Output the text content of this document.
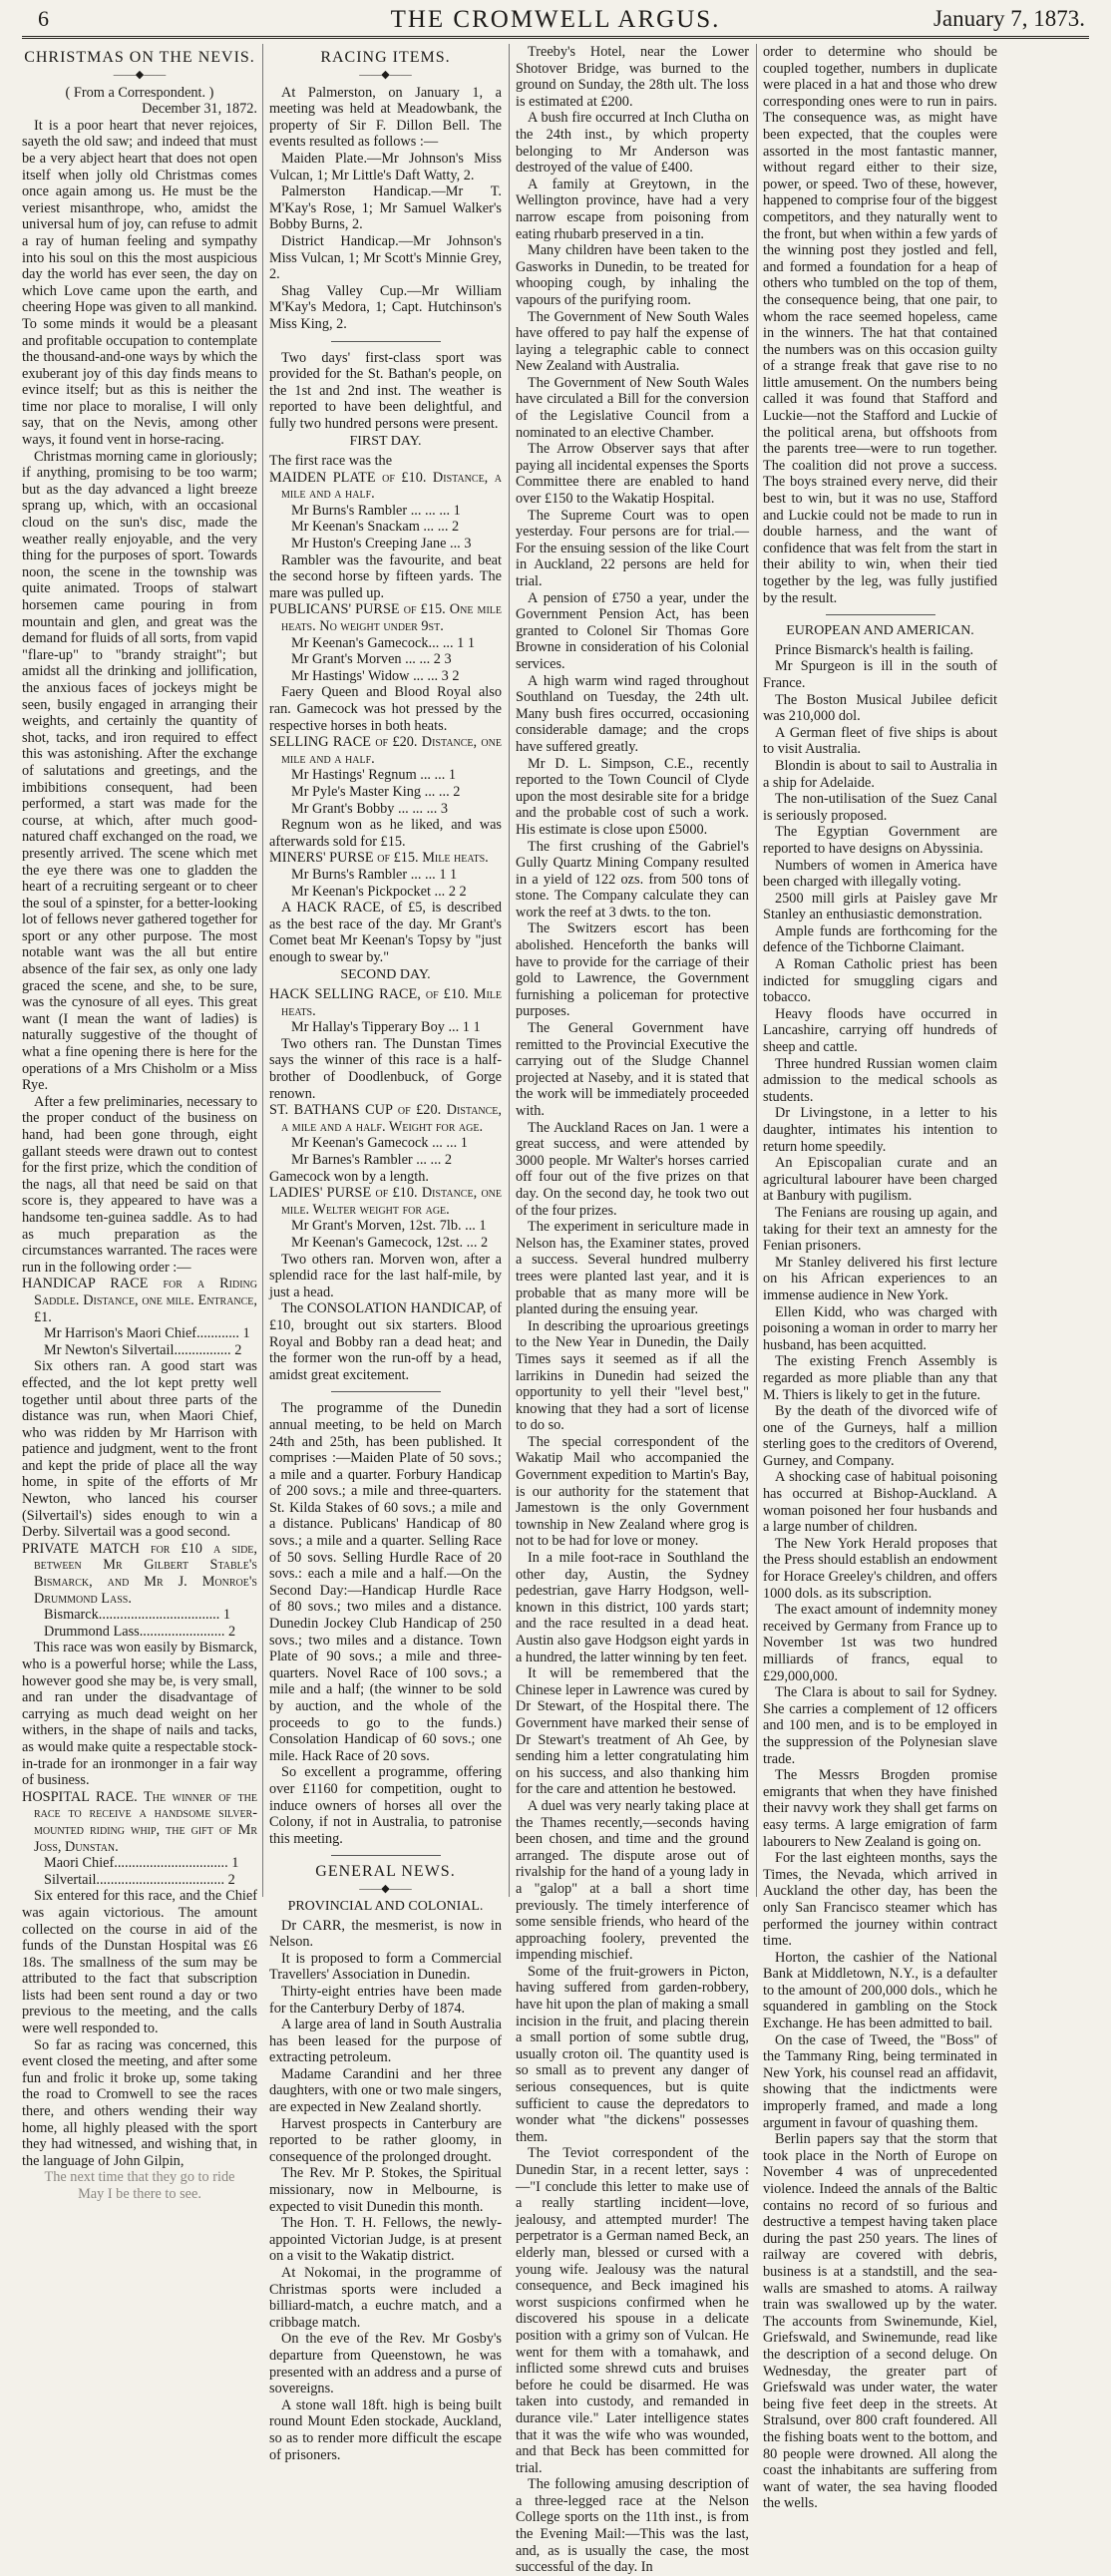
6	THE CROMWELL ARGUS.	January 7, 1873.
CHRISTMAS ON THE NEVIS.
——◆——

( From a Correspondent. )

December 31, 1872.

It is a poor heart that never rejoices, sayeth the old saw; and indeed that must be a very abject heart that does not open itself when jolly old Christmas comes once again among us. He must be the veriest misanthrope, who, amidst the universal hum of joy, can refuse to admit a ray of human feeling and sympathy into his soul on this the most auspicious day the world has ever seen, the day on which Love came upon the earth, and cheering Hope was given to all mankind. To some minds it would be a pleasant and profitable occupation to contemplate the thousand-and-one ways by which the exuberant joy of this day finds means to evince itself; but as this is neither the time nor place to moralise, I will only say, that on the Nevis, among other ways, it found vent in horse-racing.

Christmas morning came in gloriously; if anything, promising to be too warm; but as the day advanced a light breeze sprang up, which, with an occasional cloud on the sun's disc, made the weather really enjoyable, and the very thing for the purposes of sport. Towards noon, the scene in the township was quite animated. Troops of stalwart horsemen came pouring in from mountain and glen, and great was the demand for fluids of all sorts, from vapid "flare-up" to "brandy straight"; but amidst all the drinking and jollification, the anxious faces of jockeys might be seen, busily engaged in arranging their weights, and certainly the quantity of shot, tacks, and iron required to effect this was astonishing. After the exchange of salutations and greetings, and the imbibitions consequent, had been performed, a start was made for the course, at which, after much good-natured chaff exchanged on the road, we presently arrived. The scene which met the eye there was one to gladden the heart of a recruiting sergeant or to cheer the soul of a spinster, for a better-looking lot of fellows never gathered together for sport or any other purpose. The most notable want was the all but entire absence of the fair sex, as only one lady graced the scene, and she, to be sure, was the cynosure of all eyes. This great want (I mean the want of ladies) is naturally suggestive of the thought of what a fine opening there is here for the operations of a Mrs Chisholm or a Miss Rye.

After a few preliminaries, necessary to the proper conduct of the business on hand, had been gone through, eight gallant steeds were drawn out to contest for the first prize, which the condition of the nags, all that need be said on that score is, they appeared to have was a handsome ten-guinea saddle. As to had as much preparation as the circumstances warranted. The races were run in the following order :—

HANDICAP RACE for a Riding Saddle. Distance, one mile. Entrance, £1.

Mr Harrison's Maori Chief............ 1

Mr Newton's Silvertail................ 2

Six others ran. A good start was effected, and the lot kept pretty well together until about three parts of the distance was run, when Maori Chief, who was ridden by Mr Harrison with patience and judgment, went to the front and kept the pride of place all the way home, in spite of the efforts of Mr Newton, who lanced his courser (Silvertail's) sides enough to win a Derby. Silvertail was a good second.

PRIVATE MATCH for £10 a side, between Mr Gilbert Stable's Bismarck, and Mr J. Monroe's Drummond Lass.

Bismarck.................................. 1

Drummond Lass........................ 2

This race was won easily by Bismarck, who is a powerful horse; while the Lass, however good she may be, is very small, and ran under the disadvantage of carrying as much dead weight on her withers, in the shape of nails and tacks, as would make quite a respectable stock-in-trade for an ironmonger in a fair way of business.

HOSPITAL RACE. The winner of the race to receive a handsome silver-mounted riding whip, the gift of Mr Joss, Dunstan.

Maori Chief................................ 1

Silvertail.................................... 2

Six entered for this race, and the Chief was again victorious. The amount collected on the course in aid of the funds of the Dunstan Hospital was £6 18s. The smallness of the sum may be attributed to the fact that subscription lists had been sent round a day or two previous to the meeting, and the calls were well responded to.

So far as racing was concerned, this event closed the meeting, and after some fun and frolic it broke up, some taking the road to Cromwell to see the races there, and others wending their way home, all highly pleased with the sport they had witnessed, and wishing that, in the language of John Gilpin,

The next time that they go to ride

May I be there to see.

RACING ITEMS.
——◆——

At Palmerston, on January 1, a meeting was held at Meadowbank, the property of Sir F. Dillon Bell. The events resulted as follows :—

Maiden Plate.—Mr Johnson's Miss Vulcan, 1; Mr Little's Daft Watty, 2.

Palmerston Handicap.—Mr T. M'Kay's Rose, 1; Mr Samuel Walker's Bobby Burns, 2.

District Handicap.—Mr Johnson's Miss Vulcan, 1; Mr Scott's Minnie Grey, 2.

Shag Valley Cup.—Mr William M'Kay's Medora, 1; Capt. Hutchinson's Miss King, 2.

Two days' first-class sport was provided for the St. Bathan's people, on the 1st and 2nd inst. The weather is reported to have been delightful, and fully two hundred persons were present.

FIRST DAY.

The first race was the

MAIDEN PLATE of £10. Distance, a mile and a half.

Mr Burns's Rambler ... ... ... 1

Mr Keenan's Snackam ... ... 2

Mr Huston's Creeping Jane ... 3

Rambler was the favourite, and beat the second horse by fifteen yards. The mare was pulled up.

PUBLICANS' PURSE of £15. One mile heats. No weight under 9st.

Mr Keenan's Gamecock... ... 1 1

Mr Grant's Morven ... ... 2 3

Mr Hastings' Widow ... ... 3 2

Faery Queen and Blood Royal also ran. Gamecock was hot pressed by the respective horses in both heats.

SELLING RACE of £20. Distance, one mile and a half.

Mr Hastings' Regnum ... ... 1

Mr Pyle's Master King ... ... 2

Mr Grant's Bobby ... ... ... 3

Regnum won as he liked, and was afterwards sold for £15.

MINERS' PURSE of £15. Mile heats.

Mr Burns's Rambler ... ... 1 1

Mr Keenan's Pickpocket ... 2 2

A HACK RACE, of £5, is described as the best race of the day. Mr Grant's Comet beat Mr Keenan's Topsy by "just enough to swear by."

SECOND DAY.

HACK SELLING RACE, of £10. Mile heats.

Mr Hallay's Tipperary Boy ... 1 1

Two others ran. The Dunstan Times says the winner of this race is a half-brother of Doodlenbuck, of Gorge renown.

ST. BATHANS CUP of £20. Distance, a mile and a half. Weight for age.

Mr Keenan's Gamecock ... ... 1

Mr Barnes's Rambler ... ... 2

Gamecock won by a length.

LADIES' PURSE of £10. Distance, one mile. Welter weight for age.

Mr Grant's Morven, 12st. 7lb. ... 1

Mr Keenan's Gamecock, 12st. ... 2

Two others ran. Morven won, after a splendid race for the last half-mile, by just a head.

The CONSOLATION HANDICAP, of £10, brought out six starters. Blood Royal and Bobby ran a dead heat; and the former won the run-off by a head, amidst great excitement.

The programme of the Dunedin annual meeting, to be held on March 24th and 25th, has been published. It comprises :—Maiden Plate of 50 sovs.; a mile and a quarter. Forbury Handicap of 200 sovs.; a mile and three-quarters. St. Kilda Stakes of 60 sovs.; a mile and a distance. Publicans' Handicap of 80 sovs.; a mile and a quarter. Selling Race of 50 sovs. Selling Hurdle Race of 20 sovs.: each a mile and a half.—On the Second Day:—Handicap Hurdle Race of 80 sovs.; two miles and a distance. Dunedin Jockey Club Handicap of 250 sovs.; two miles and a distance. Town Plate of 90 sovs.; a mile and three-quarters. Novel Race of 100 sovs.; a mile and a half; (the winner to be sold by auction, and the whole of the proceeds to go to the funds.) Consolation Handicap of 60 sovs.; one mile. Hack Race of 20 sovs.

So excellent a programme, offering over £1160 for competition, ought to induce owners of horses all over the Colony, if not in Australia, to patronise this meeting.

GENERAL NEWS.
——◆——
PROVINCIAL AND COLONIAL.

Dr CARR, the mesmerist, is now in Nelson.

It is proposed to form a Commercial Travellers' Association in Dunedin.

Thirty-eight entries have been made for the Canterbury Derby of 1874.

A large area of land in South Australia has been leased for the purpose of extracting petroleum.

Madame Carandini and her three daughters, with one or two male singers, are expected in New Zealand shortly.

Harvest prospects in Canterbury are reported to be rather gloomy, in consequence of the prolonged drought.

The Rev. Mr P. Stokes, the Spiritual missionary, now in Melbourne, is expected to visit Dunedin this month.

The Hon. T. H. Fellows, the newly-appointed Victorian Judge, is at present on a visit to the Wakatip district.

At Nokomai, in the programme of Christmas sports were included a billiard-match, a euchre match, and a cribbage match.

On the eve of the Rev. Mr Gosby's departure from Queenstown, he was presented with an address and a purse of sovereigns.

A stone wall 18ft. high is being built round Mount Eden stockade, Auckland, so as to render more difficult the escape of prisoners.

Treeby's Hotel, near the Lower Shotover Bridge, was burned to the ground on Sunday, the 28th ult. The loss is estimated at £200.

A bush fire occurred at Inch Clutha on the 24th inst., by which property belonging to Mr Anderson was destroyed of the value of £400.

A family at Greytown, in the Wellington province, have had a very narrow escape from poisoning from eating rhubarb preserved in a tin.

Many children have been taken to the Gasworks in Dunedin, to be treated for whooping cough, by inhaling the vapours of the purifying room.

The Government of New South Wales have offered to pay half the expense of laying a telegraphic cable to connect New Zealand with Australia.

The Government of New South Wales have circulated a Bill for the conversion of the Legislative Council from a nominated to an elective Chamber.

The Arrow Observer says that after paying all incidental expenses the Sports Committee there are enabled to hand over £150 to the Wakatip Hospital.

The Supreme Court was to open yesterday. Four persons are for trial.—For the ensuing session of the like Court in Auckland, 22 persons are held for trial.

A pension of £750 a year, under the Government Pension Act, has been granted to Colonel Sir Thomas Gore Browne in consideration of his Colonial services.

A high warm wind raged throughout Southland on Tuesday, the 24th ult. Many bush fires occurred, occasioning considerable damage; and the crops have suffered greatly.

Mr D. L. Simpson, C.E., recently reported to the Town Council of Clyde upon the most desirable site for a bridge and the probable cost of such a work. His estimate is close upon £5000.

The first crushing of the Gabriel's Gully Quartz Mining Company resulted in a yield of 122 ozs. from 500 tons of stone. The Company calculate they can work the reef at 3 dwts. to the ton.

The Switzers escort has been abolished. Henceforth the banks will have to provide for the carriage of their gold to Lawrence, the Government furnishing a policeman for protective purposes.

The General Government have remitted to the Provincial Executive the carrying out of the Sludge Channel projected at Naseby, and it is stated that the work will be immediately proceeded with.

The Auckland Races on Jan. 1 were a great success, and were attended by 3000 people. Mr Walter's horses carried off four out of the five prizes on that day. On the second day, he took two out of the four prizes.

The experiment in sericulture made in Nelson has, the Examiner states, proved a success. Several hundred mulberry trees were planted last year, and it is probable that as many more will be planted during the ensuing year.

In describing the uproarious greetings to the New Year in Dunedin, the Daily Times says it seemed as if all the larrikins in Dunedin had seized the opportunity to yell their "level best," knowing that they had a sort of license to do so.

The special correspondent of the Wakatip Mail who accompanied the Government expedition to Martin's Bay, is our authority for the statement that Jamestown is the only Government township in New Zealand where grog is not to be had for love or money.

In a mile foot-race in Southland the other day, Austin, the Sydney pedestrian, gave Harry Hodgson, well-known in this district, 100 yards start; and the race resulted in a dead heat. Austin also gave Hodgson eight yards in a hundred, the latter winning by ten feet.

It will be remembered that the Chinese leper in Lawrence was cured by Dr Stewart, of the Hospital there. The Government have marked their sense of Dr Stewart's treatment of Ah Gee, by sending him a letter congratulating him on his success, and also thanking him for the care and attention he bestowed.

A duel was very nearly taking place at the Thames recently,—seconds having been chosen, and time and the ground arranged. The dispute arose out of rivalship for the hand of a young lady in a "galop" at a ball a short time previously. The timely interference of some sensible friends, who heard of the approaching foolery, prevented the impending mischief.

Some of the fruit-growers in Picton, having suffered from garden-robbery, have hit upon the plan of making a small incision in the fruit, and placing therein a small portion of some subtle drug, usually croton oil. The quantity used is so small as to prevent any danger of serious consequences, but is quite sufficient to cause the depredators to wonder what "the dickens" possesses them.

The Teviot correspondent of the Dunedin Star, in a recent letter, says :—"I conclude this letter to make use of a really startling incident—love, jealousy, and attempted murder! The perpetrator is a German named Beck, an elderly man, blessed or cursed with a young wife. Jealousy was the natural consequence, and Beck imagined his worst suspicions confirmed when he discovered his spouse in a delicate position with a grimy son of Vulcan. He went for them with a tomahawk, and inflicted some shrewd cuts and bruises before he could be disarmed. He was taken into custody, and remanded in durance vile." Later intelligence states that it was the wife who was wounded, and that Beck has been committed for trial.

The following amusing description of a three-legged race at the Nelson College sports on the 11th inst., is from the Evening Mail:—This was the last, and, as is usually the case, the most successful of the day. In

order to determine who should be coupled together, numbers in duplicate were placed in a hat and those who drew corresponding ones were to run in pairs. The consequence was, as might have been expected, that the couples were assorted in the most fantastic manner, without regard either to their size, power, or speed. Two of these, however, happened to comprise four of the biggest competitors, and they naturally went to the front, but when within a few yards of the winning post they jostled and fell, and formed a foundation for a heap of others who tumbled on the top of them, the consequence being, that one pair, to whom the race seemed hopeless, came in the winners. The hat that contained the numbers was on this occasion guilty of a strange freak that gave rise to no little amusement. On the numbers being called it was found that Stafford and Luckie—not the Stafford and Luckie of the political arena, but offshoots from the parents tree—were to run together. The coalition did not prove a success. The boys strained every nerve, did their best to win, but it was no use, Stafford and Luckie could not be made to run in double harness, and the want of confidence that was felt from the start in their ability to win, when their tied together by the leg, was fully justified by the result.

EUROPEAN AND AMERICAN.

Prince Bismarck's health is failing.

Mr Spurgeon is ill in the south of France.

The Boston Musical Jubilee deficit was 210,000 dol.

A German fleet of five ships is about to visit Australia.

Blondin is about to sail to Australia in a ship for Adelaide.

The non-utilisation of the Suez Canal is seriously proposed.

The Egyptian Government are reported to have designs on Abyssinia.

Numbers of women in America have been charged with illegally voting.

2500 mill girls at Paisley gave Mr Stanley an enthusiastic demonstration.

Ample funds are forthcoming for the defence of the Tichborne Claimant.

A Roman Catholic priest has been indicted for smuggling cigars and tobacco.

Heavy floods have occurred in Lancashire, carrying off hundreds of sheep and cattle.

Three hundred Russian women claim admission to the medical schools as students.

Dr Livingstone, in a letter to his daughter, intimates his intention to return home speedily.

An Episcopalian curate and an agricultural labourer have been charged at Banbury with pugilism.

The Fenians are rousing up again, and taking for their text an amnesty for the Fenian prisoners.

Mr Stanley delivered his first lecture on his African experiences to an immense audience in New York.

Ellen Kidd, who was charged with poisoning a woman in order to marry her husband, has been acquitted.

The existing French Assembly is regarded as more pliable than any that M. Thiers is likely to get in the future.

By the death of the divorced wife of one of the Gurneys, half a million sterling goes to the creditors of Overend, Gurney, and Company.

A shocking case of habitual poisoning has occurred at Bishop-Auckland. A woman poisoned her four husbands and a large number of children.

The New York Herald proposes that the Press should establish an endowment for Horace Greeley's children, and offers 1000 dols. as its subscription.

The exact amount of indemnity money received by Germany from France up to November 1st was two hundred milliards of francs, equal to £29,000,000.

The Clara is about to sail for Sydney. She carries a complement of 12 officers and 100 men, and is to be employed in the suppression of the Polynesian slave trade.

The Messrs Brogden promise emigrants that when they have finished their navvy work they shall get farms on easy terms. A large emigration of farm labourers to New Zealand is going on.

For the last eighteen months, says the Times, the Nevada, which arrived in Auckland the other day, has been the only San Francisco steamer which has performed the journey within contract time.

Horton, the cashier of the National Bank at Middletown, N.Y., is a defaulter to the amount of 200,000 dols., which he squandered in gambling on the Stock Exchange. He has been admitted to bail.

On the case of Tweed, the "Boss" of the Tammany Ring, being terminated in New York, his counsel read an affidavit, showing that the indictments were improperly framed, and made a long argument in favour of quashing them.

Berlin papers say that the storm that took place in the North of Europe on November 4 was of unprecedented violence. Indeed the annals of the Baltic contains no record of so furious and destructive a tempest having taken place during the past 250 years. The lines of railway are covered with debris, business is at a standstill, and the sea-walls are smashed to atoms. A railway train was swallowed up by the water. The accounts from Swinemunde, Kiel, Griefswald, and Swinemunde, read like the description of a second deluge. On Wednesday, the greater part of Griefswald was under water, the water being five feet deep in the streets. At Stralsund, over 800 craft foundered. All the fishing boats went to the bottom, and 80 people were drowned. All along the coast the inhabitants are suffering from want of water, the sea having flooded the wells.
